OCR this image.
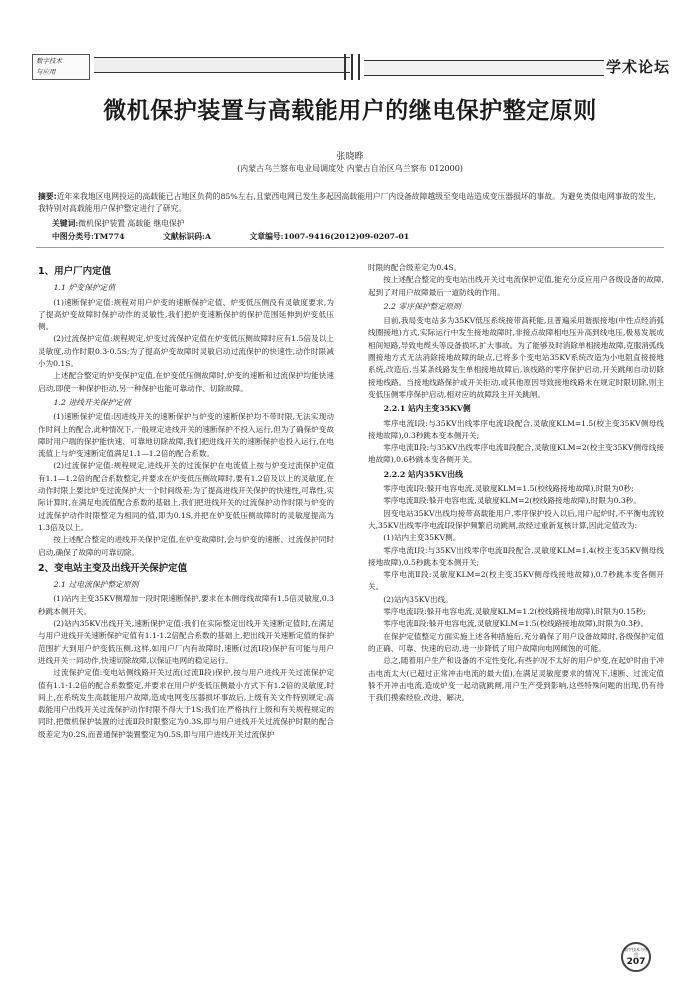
数字技术
与应用	学术论坛
微机保护装置与高载能用户的继电保护整定原则
张晓晔
(内蒙古乌兰察布电业局调度处 内蒙古自治区乌兰察布 012000)
摘要:近年来我地区电网投运的高载能已占地区负荷的85%左右,且蒙西电网已发生多起因高载能用户厂内设备故障越级至变电站造成变压器损坏的事故。为避免类似电网事故的发生,我特别对高载能用户保护整定进行了研究。
关键词:微机保护装置 高载能 继电保护
中图分类号:TM774	文献标识码:A	文章编号:1007-9416(2012)09-0207-01
1、用户厂内定值
1.1 炉变保护定值

(1)速断保护定值:规程对用户炉变的速断保护定值、炉变低压侧没有灵敏度要求,为了提高炉变故障时保护动作的灵敏性,我们把炉变速断保护的保护范围延伸到炉变低压侧。

(2)过流保护定值:规程规定,炉变过流保护定值在炉变低压侧故障时应有1.5倍及以上灵敏度,动作时限0.3-0.5S;为了提高炉变故障时灵敏启动过流保护的快速性,动作时限减小为0.1S。

上述配合整定的炉变保护定值,在炉变低压侧故障时,炉变的速断和过流保护均能快速启动,即使一种保护拒动,另一种保护也能可靠动作、切除故障。

1.2 进线开关保护定值

(1)速断保护定值:因进线开关的速断保护与炉变的速断保护均不带时限,无法实现动作时间上的配合,此种情况下,一般规定进线开关的速断保护不投入运行,但为了确保炉变故障时用户端的保护能快速、可靠地切除故障,我们把进线开关的速断保护也投入运行,在电流值上与炉变速断定值满足1.1—1.2倍的配合系数。

(2)过流保护定值:规程规定,进线开关的过流保护在电流值上按与炉变过流保护定值有1.1—1.2倍的配合系数整定,并要求在炉变低压侧故障时,要有1.2倍及以上的灵敏度,在动作时限上要比炉变过流保护大一个时间级差;为了提高进线开关保护的快速性,可靠性,实际计算时,在满足电流值配合系数的基础上,我们把进线开关的过流保护动作时限与炉变的过流保护动作时限整定为相同的值,即为0.1S,并把在炉变低压侧故障时的灵敏度提高为1.3倍及以上。

按上述配合整定的进线开关保护定值,在炉变故障时,会与炉变的速断、过流保护同时启动,确保了故障的可靠切除。

2、变电站主变及出线开关保护定值
2.1 过电流保护整定原则

(1)站内主变35KV侧增加一段时限速断保护,要求在本侧母线故障有1.5倍灵敏度,0.3秒跳本侧开关。

(2)站内35KV出线开关,速断保护定值:我们在实际整定出线开关速断定值时,在满足与用户进线开关速断保护定值有1.1-1.2倍配合系数的基础上,把出线开关速断定值的保护范围扩大到用户炉变低压侧,这样,如用户厂内有故障时,速断(过流Ⅰ段)保护有可能与用户进线开关一同动作,快速切除故障,以保证电网的稳定运行。

过流保护定值:变电站侧线路开关过流(过流Ⅱ段)保护,按与用户进线开关过流保护定值有1.1-1.2倍的配合系数整定,并要求在用户炉变低压侧最小方式下有1.2倍的灵敏度,时间上,在系统发生高载能用户故障,造成电网变压器损坏事故后,上级有关文件特别规定:高载能用户出线开关过流保护动作时限不得大于1S;我们在严格执行上级和有关规程规定的同时,把微机保护装置的过流Ⅱ段时限整定为0.3S,即与用户进线开关过流保护时限的配合级差定为0.2S,而普通保护装置整定为0.5S,即与用户进线开关过流保护

时限的配合级差定为0.4S。

按上述配合整定的变电站出线开关过电流保护定值,能充分反应用户各级设备的故障,起到了对用户故障最后一道防线的作用。

2.2 零序保护整定原则

目前,我局变电站多为35KV低压系统接带高耗能,且普遍采用谐振接地(中性点经消弧线圈接地)方式,实际运行中发生接地故障时,非接点故障相电压升高到线电压,极易发展成相间短路,导致电缆头等设备损坏,扩大事故。为了能够及时消除单相接地故障,克服消弧线圈接地方式无法消除接地故障的缺点,已将多个变电站35KV系统改造为小电阻直接接地系统,改造后,当某条线路发生单相接地故障后,该线路的零序保护启动,开关跳闸自动切除接地线路。当接地线路保护或开关拒动,或其他原因导致接地线路未在规定时限切除,则主变低压侧零序保护启动,相对应的故障段主开关跳闸。

2.2.1 站内主变35KV侧

零序电流Ⅰ段:与35KV出线零序电流Ⅰ段配合,灵敏度KLM=1.5(校主变35KV侧母线接地故障),0.3秒跳本变本侧开关;

零序电流Ⅱ段:与35KV出线零序电流Ⅱ段配合,灵敏度KLM=2(校主变35KV侧母线接地故障),0.6秒跳本变各侧开关。

2.2.2 站内35KV出线

零序电流Ⅰ段:躲开电容电流,灵敏度KLM=1.5(校线路接地故障),时限为0秒;

零序电流Ⅱ段:躲开电容电流,灵敏度KLM=2(校线路接地故障),时限为0.3秒。

因变电站35KV出线均接带高载能用户,零序保护投入以后,用户起炉时,不平衡电流较大,35KV出线零序电流Ⅰ段保护频繁启动跳闸,故经过重新复核计算,因此定值改为:

(1)站内主变35KV侧。

零序电流Ⅰ段:与35KV出线零序电流Ⅱ段配合,灵敏度KLM=1.4(校主变35KV侧母线接地故障),0.5秒跳本变本侧开关;

零序电流Ⅱ段:灵敏度KLM=2(校主变35KV侧母线接地故障),0.7秒跳本变各侧开关。

(2)站内35KV出线。

零序电流Ⅰ段:躲开电容电流,灵敏度KLM=1.2(校线路接地故障),时限为0.15秒;

零序电流Ⅱ段:躲开电容电流,灵敏度KLM=1.5(校线路接地故障),时限为0.3秒。

在保护定值整定方面实施上述各种措施后,充分确保了用户设备故障时,各级保护定值的正确、可靠、快速的启动,进一步降低了用户故障向电网倾蚀的可能。

总之,随着用户生产和设备的不定性变化,有些护况不太好的用户炉变,在起炉时由于冲击电流太大(已超过正常冲击电流的最大值),在满足灵敏度要求的情况下,速断、过流定值躲不开冲击电流,造成炉变一起动就跳闸,用户生产受到影响,这些特殊问题的出现,仍有待于我们摸索经验,改进、解决。

数字技术与应用
207
